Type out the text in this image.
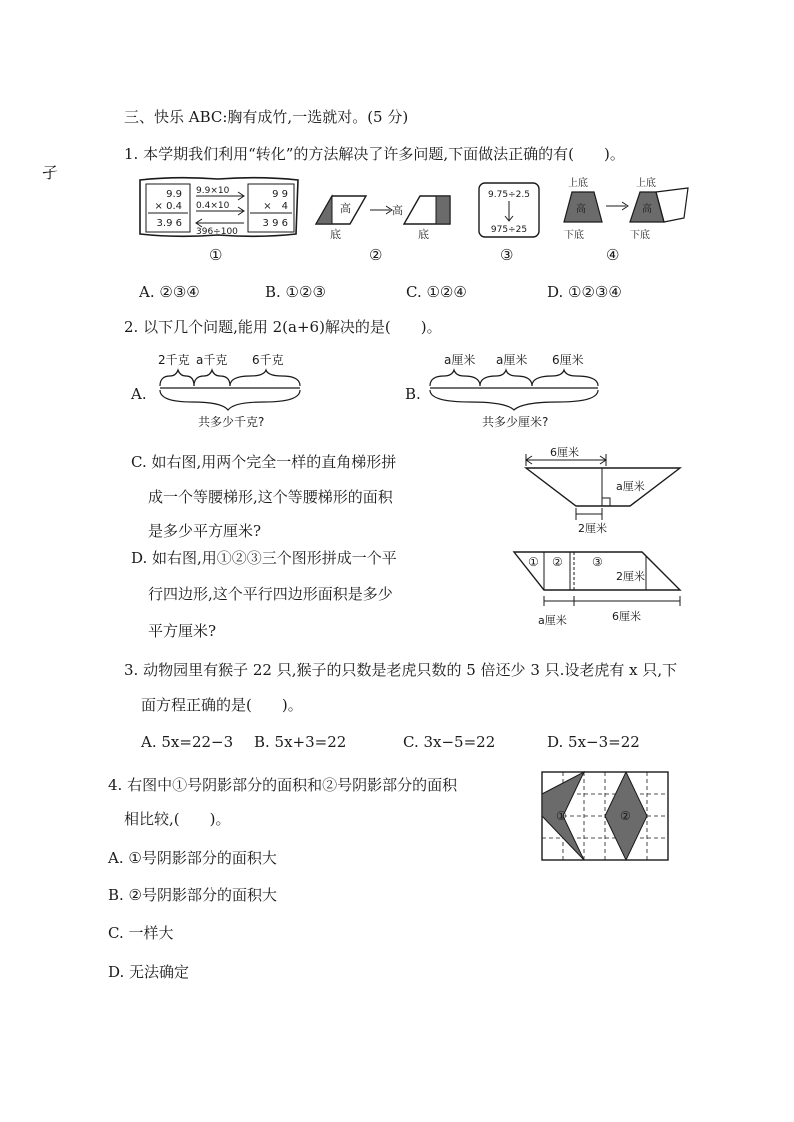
孑
三、快乐 ABC:胸有成竹,一选就对。(5 分)
1. 本学期我们利用“转化”的方法解决了许多问题,下面做法正确的有(　　)。
9.9
× 0.4
3.9 6
9.9×10
0.4×10
396÷100
9 9
×　4
3 9 6
①
高
底
高
底
②
9.75÷2.5
975÷25
③
上底
高
下底
上底
高
下底
④
A. ②③④	B. ①②③	C. ①②④	D. ①②③④
2. 以下几个问题,能用 2(a+6)解决的是(　　)。
A.
2千克 a千克 6千克
共多少千克?
B.
a厘米 a厘米 6厘米
共多少厘米?
C. 如右图,用两个完全一样的直角梯形拼
成一个等腰梯形,这个等腰梯形的面积
是多少平方厘米?
6厘米
a厘米
2厘米
D. 如右图,用①②③三个图形拼成一个平
行四边形,这个平行四边形面积是多少
平方厘米?
① ② ③
2厘米
a厘米	6厘米
3. 动物园里有猴子 22 只,猴子的只数是老虎只数的 5 倍还少 3 只.设老虎有 x 只,下
面方程正确的是(　　)。
A. 5x=22−3 B. 5x+3=22	C. 3x−5=22	D. 5x−3=22
4. 右图中①号阴影部分的面积和②号阴影部分的面积
相比较,(　　)。
A. ①号阴影部分的面积大
B. ②号阴影部分的面积大
C. 一样大
D. 无法确定
①	②
